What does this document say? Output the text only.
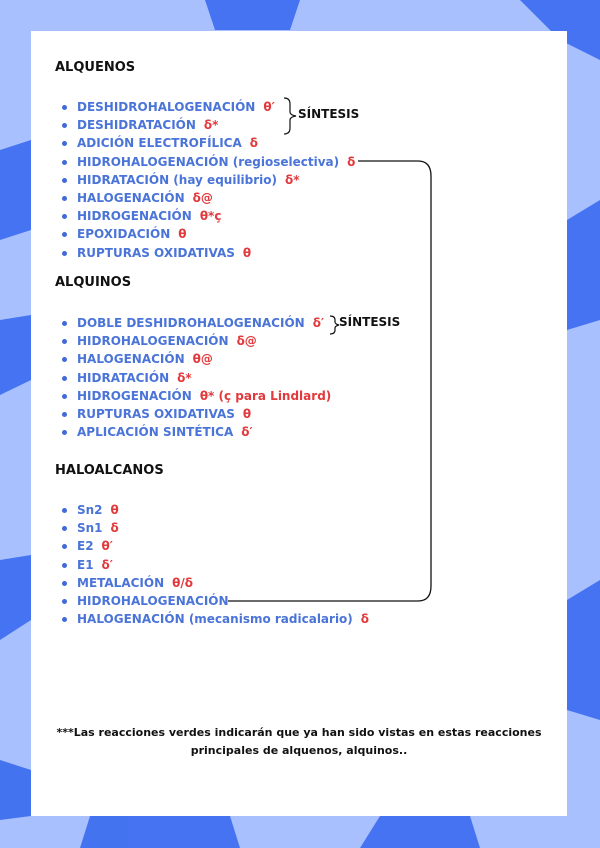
ALQUENOS
DESHIDROHALOGENACIÓN θ′
DESHIDRATACIÓN δ*
ADICIÓN ELECTROFÍLICA δ
HIDROHALOGENACIÓN (regioselectiva) δ
HIDRATACIÓN (hay equilibrio) δ*
HALOGENACIÓN δ@
HIDROGENACIÓN θ*ç
EPOXIDACIÓN θ
RUPTURAS OXIDATIVAS θ
SÍNTESIS
ALQUINOS
DOBLE DESHIDROHALOGENACIÓN δ′
HIDROHALOGENACIÓN δ@
HALOGENACIÓN θ@
HIDRATACIÓN δ*
HIDROGENACIÓN θ* (ç para Lindlard)
RUPTURAS OXIDATIVAS θ
APLICACIÓN SINTÉTICA δ′
SÍNTESIS
HALOALCANOS
Sn2 θ
Sn1 δ
E2 θ′
E1 δ′
METALACIÓN θ/δ
HIDROHALOGENACIÓN
HALOGENACIÓN (mecanismo radicalario) δ
***Las reacciones verdes indicarán que ya han sido vistas en estas reacciones
principales de alquenos, alquinos..
